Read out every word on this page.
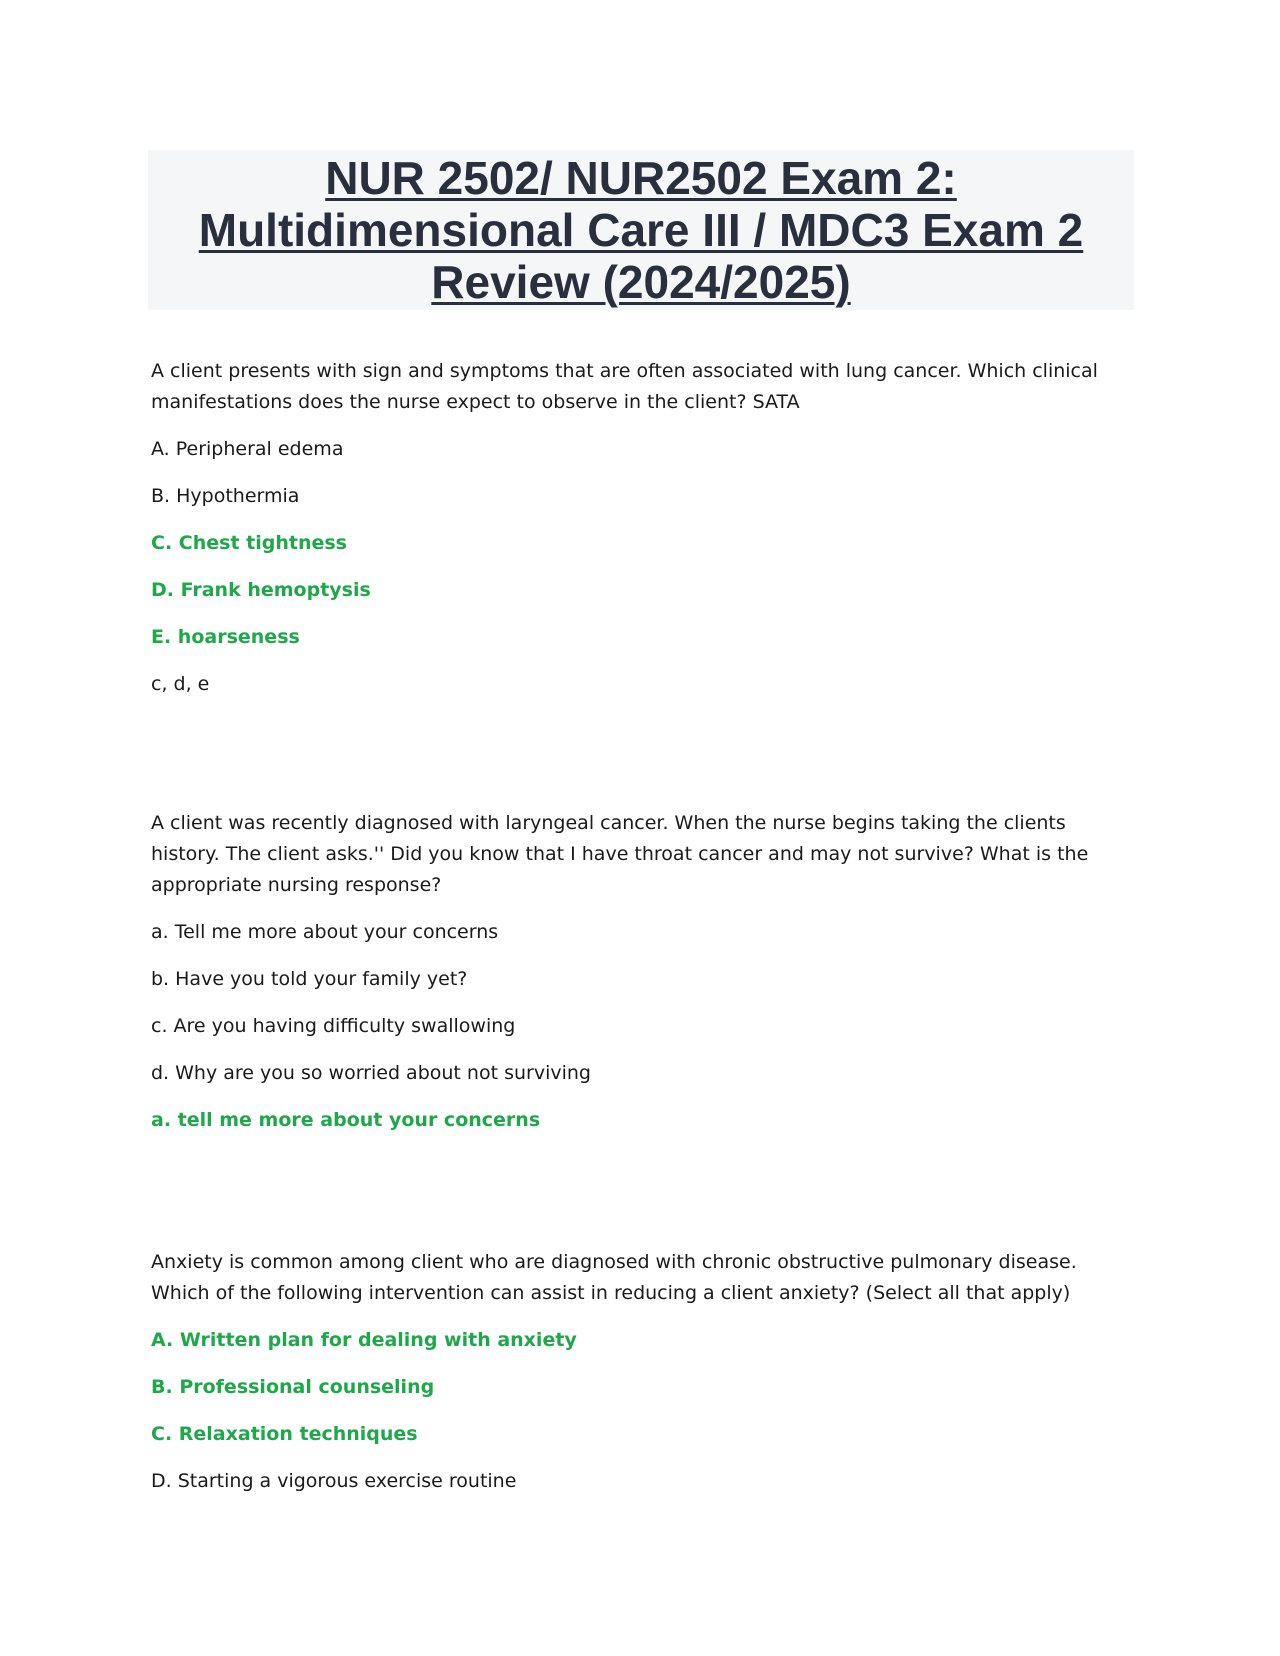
NUR 2502/ NUR2502 Exam 2:
Multidimensional Care III / MDC3 Exam 2
Review (2024/2025)

A client presents with sign and symptoms that are often associated with lung cancer. Which clinical manifestations does the nurse expect to observe in the client? SATA

A. Peripheral edema

B. Hypothermia

C. Chest tightness

D. Frank hemoptysis

E. hoarseness

c, d, e

A client was recently diagnosed with laryngeal cancer. When the nurse begins taking the clients history. The client asks.'' Did you know that I have throat cancer and may not survive? What is the appropriate nursing response?

a. Tell me more about your concerns

b. Have you told your family yet?

c. Are you having difficulty swallowing

d. Why are you so worried about not surviving

a. tell me more about your concerns

Anxiety is common among client who are diagnosed with chronic obstructive pulmonary disease. Which of the following intervention can assist in reducing a client anxiety? (Select all that apply)

A. Written plan for dealing with anxiety

B. Professional counseling

C. Relaxation techniques

D. Starting a vigorous exercise routine
